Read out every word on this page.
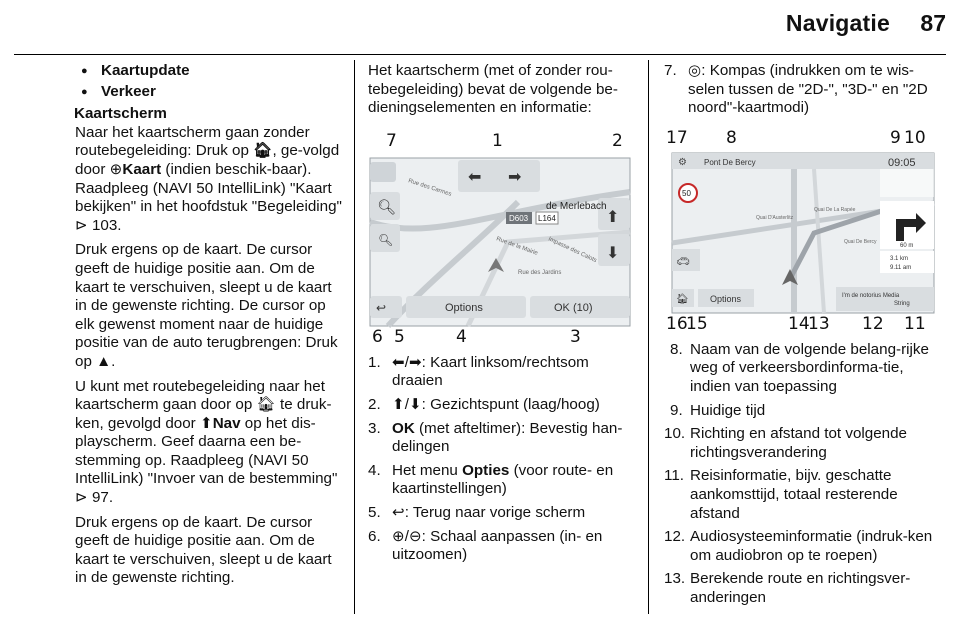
Navigatie 87
● Kaartupdate
● Verkeer
Kaartscherm

Naar het kaartscherm gaan zonder routebegeleiding: Druk op 🏠︎, ge-volgd door ⊕Kaart (indien beschik-baar). Raadpleeg (NAVI 50 IntelliLink) "Kaart bekijken" in het hoofdstuk "Begeleiding" ⊳ 103.

Druk ergens op de kaart. De cursor geeft de huidige positie aan. Om de kaart te verschuiven, sleept u de kaart in de gewenste richting. De cursor op elk gewenst moment naar de huidige positie van de auto terugbrengen: Druk op ▲.

U kunt met routebegeleiding naar het kaartscherm gaan door op 🏠︎ te druk-ken, gevolgd door ⬆Nav op het dis-playscherm. Geef daarna een be-stemming op. Raadpleeg (NAVI 50 IntelliLink) "Invoer van de bestemming" ⊳ 97.

Druk ergens op de kaart. De cursor geeft de huidige positie aan. Om de kaart te verschuiven, sleept u de kaart in de gewenste richting.

Het kaartscherm (met of zonder rou-tebegeleiding) bevat de volgende be-dieningselementen en informatie:

⬅ ➡
⬆
⬇
🔍︎
🔍︎
↩	Options	OK (10)
de Merlebach
D603 L164
Rue des Carmes
Rue de la Mairie
Rue des Jardins
Impasse des Calots
7	1	2
6 5	4	3
1. ⬅/➡: Kaart linksom/rechtsom draaien
2. ⬆/⬇: Gezichtspunt (laag/hoog)
3. OK (met afteltimer): Bevestig han-delingen
4. Het menu Opties (voor route- en kaartinstellingen)
5. ↩: Terug naar vorige scherm
6. ⊕/⊖: Schaal aanpassen (in- en uitzoomen)
7. ◎: Kompas (indrukken om te wis-selen tussen de "2D-", "3D-" en "2D noord"-kaartmodi)
⚙ Pont De Bercy	09:05
50
60 m
3.1 km
9.11 am
🚗︎
🏠︎ Options	I'm de notorius Media
String
Quai D'Austerlitz
Quai De La Rapée
Quai De Bercy
17 8	9 10
16
15	14
13 12 11
8. Naam van de volgende belang-rijke weg of verkeersbordinforma-tie, indien van toepassing
9. Huidige tijd
10. Richting en afstand tot volgende richtingsverandering
11. Reisinformatie, bijv. geschatte aankomsttijd, totaal resterende afstand
12. Audiosysteeminformatie (indruk-ken om audiobron op te roepen)
13. Berekende route en richtingsver-anderingen
